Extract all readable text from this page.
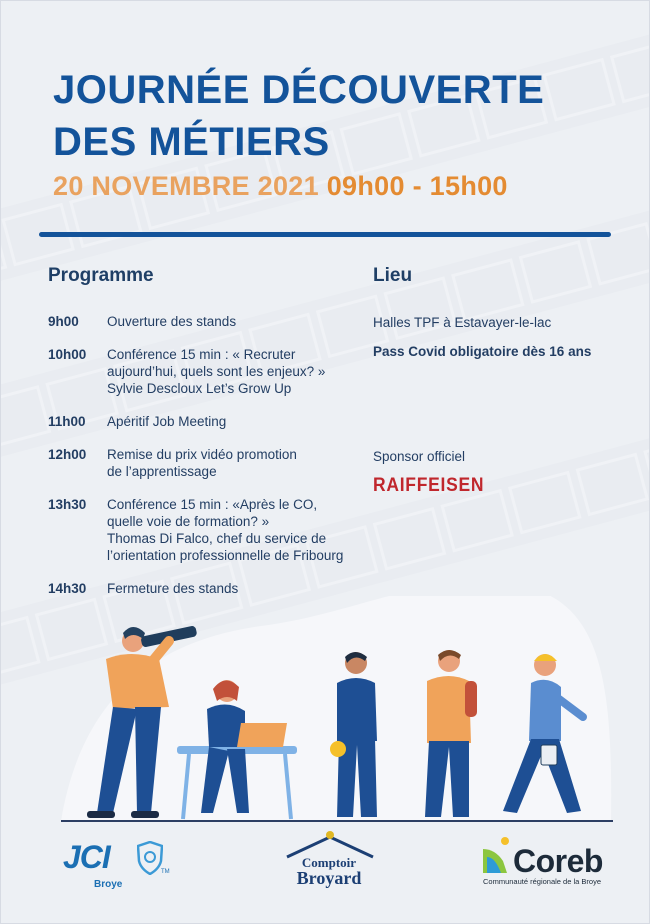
JOURNÉE DÉCOUVERTE
DES MÉTIERS
20 NOVEMBRE 2021 09h00 - 15h00
Programme	Lieu
9h00	Ouverture des stands
10h00	Conférence 15 min : « Recruter
aujourd’hui, quels sont les enjeux? »
Sylvie Descloux Let’s Grow Up
11h00	Apéritif Job Meeting
12h00	Remise du prix vidéo promotion
de l’apprentissage
13h30	Conférence 15 min : «Après le CO,
quelle voie de formation? »
Thomas Di Falco, chef du service de
l’orientation professionnelle de Fribourg
14h30	Fermeture des stands
Halles TPF à Estavayer-le-lac
Pass Covid obligatoire dès 16 ans
Sponsor officiel
RAIFFEISEN
JCI
Broye
TM
Comptoir
Broyard	Coreb
Communauté régionale de la Broye
